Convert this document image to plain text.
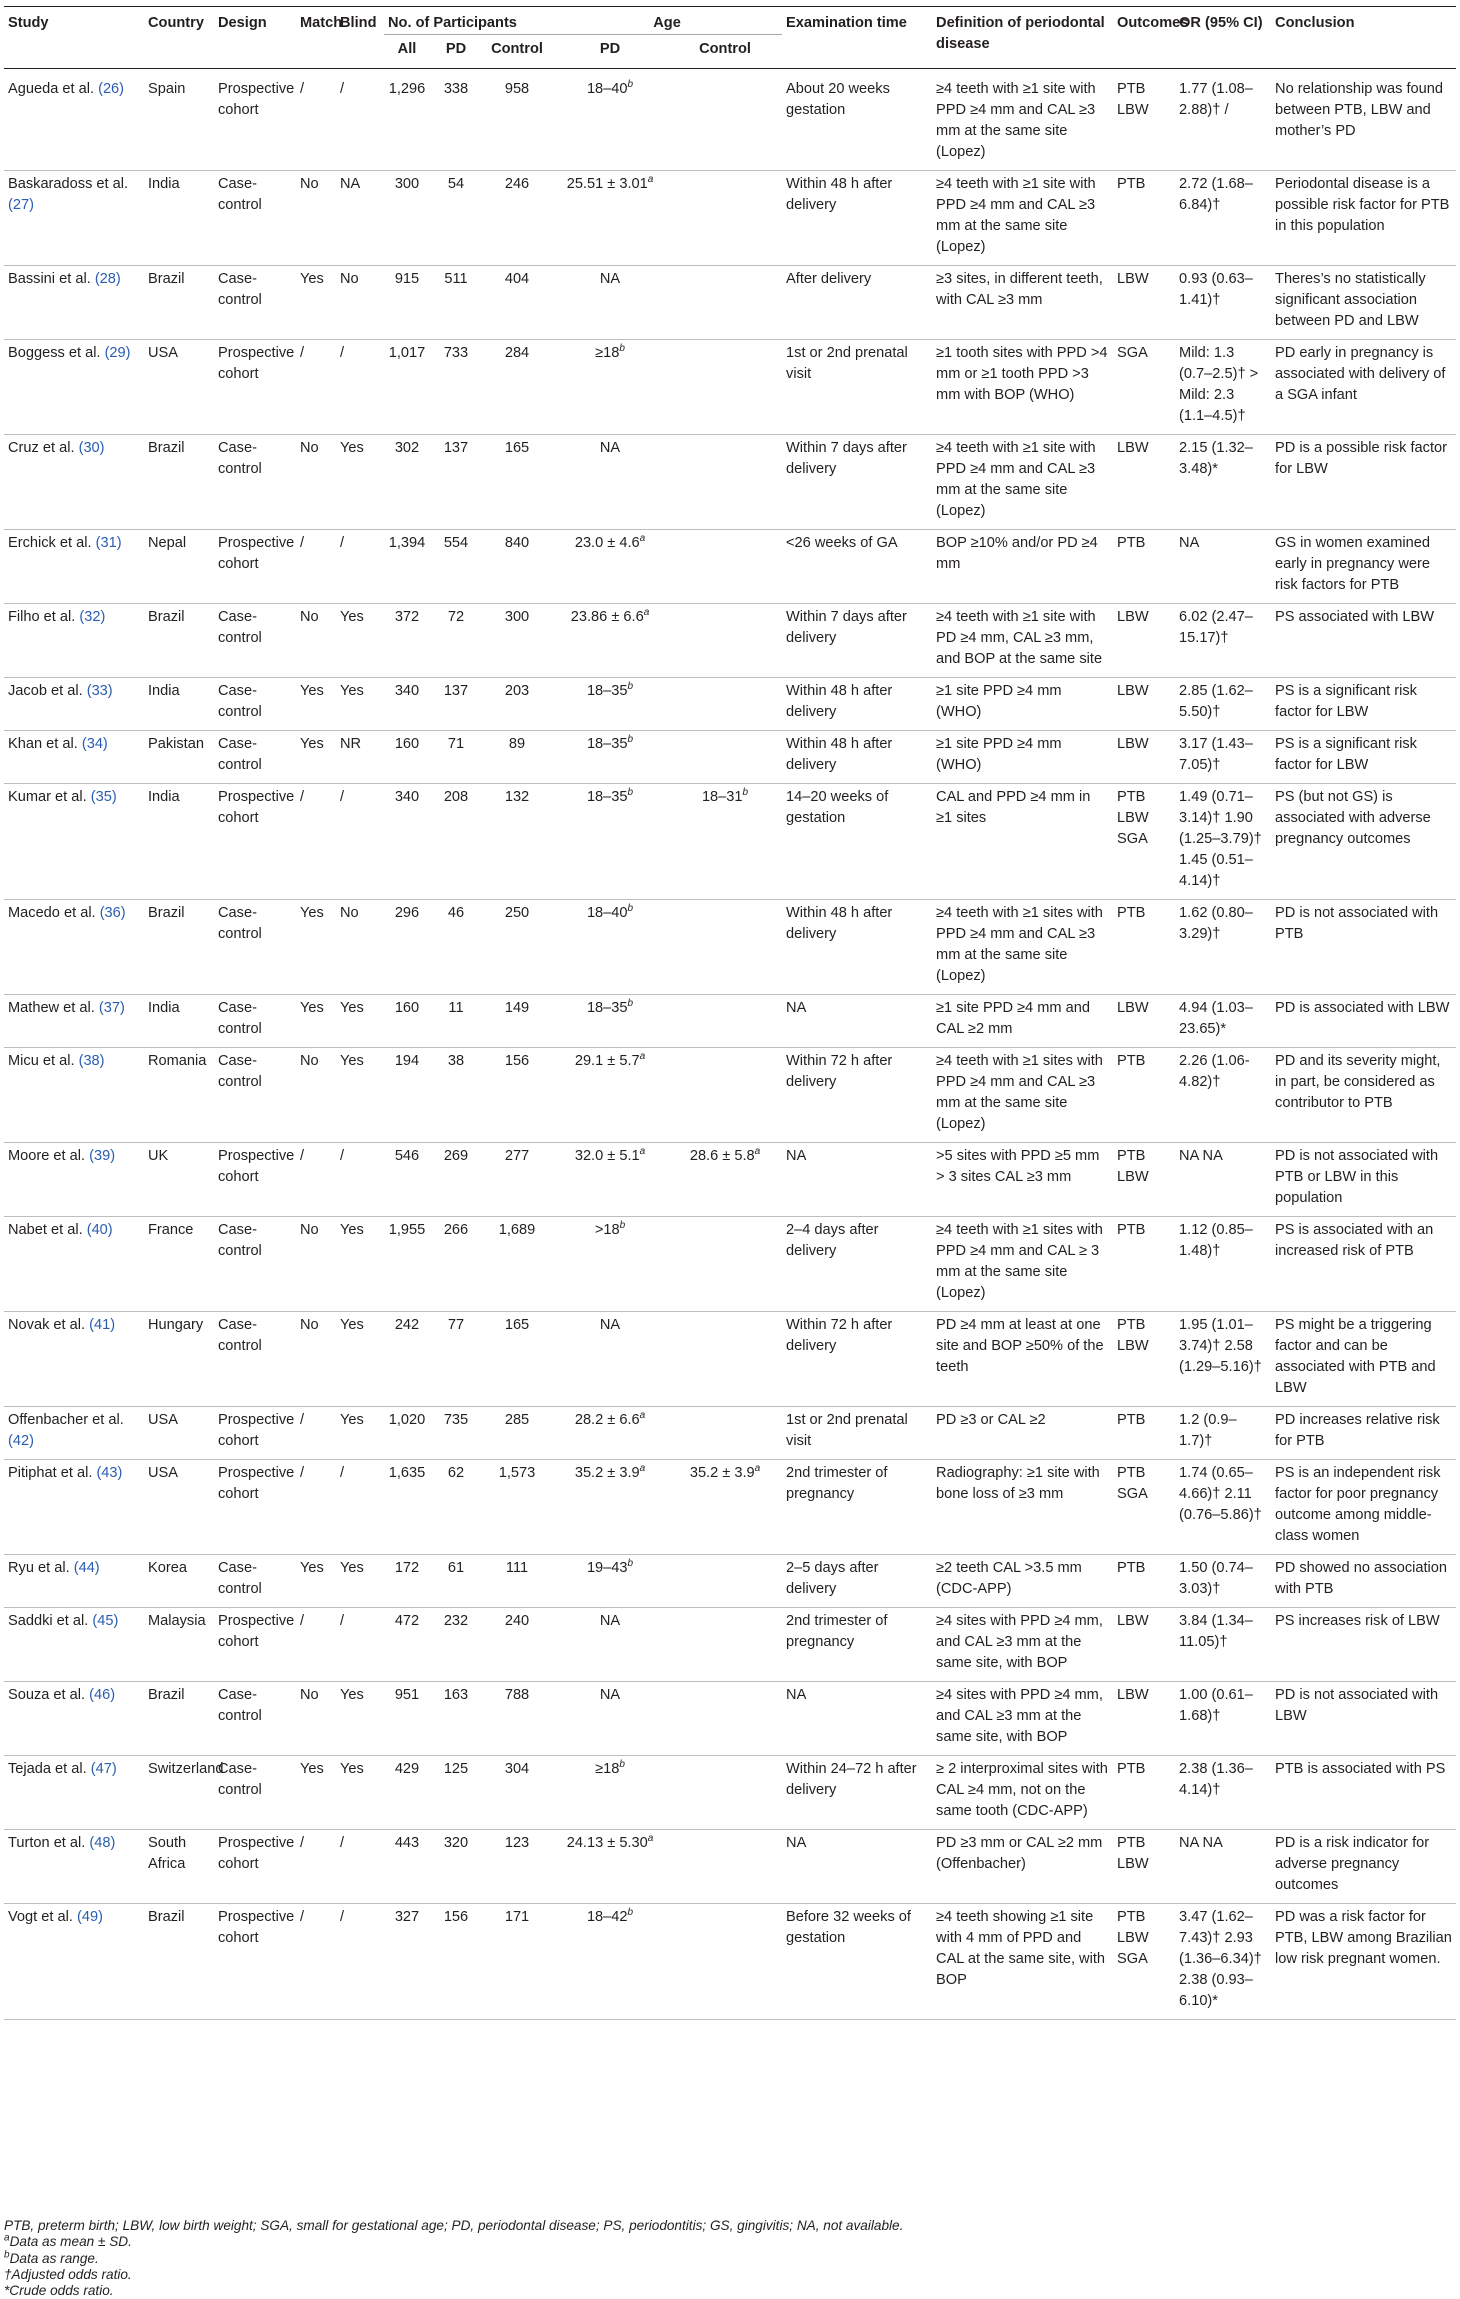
Study	Country	Design	Match	Blind	No. of Participants			Age		Examination time	Definition of periodontal disease	Outcomes	OR (95% CI)	Conclusion
					All	PD	Control	PD	Control					
Agueda et al. (26)	Spain	Prospective cohort	/	/	1,296	338	958	18–40$^b$		About 20 weeks gestation	≥4 teeth with ≥1 site with PPD ≥4 mm and CAL ≥3 mm at the same site (Lopez)	PTB LBW	1.77 (1.08–2.88)† /	No relationship was found between PTB, LBW and mother’s PD
Baskaradoss et al. (27)	India	Case-control	No	NA	300	54	246	25.51 ± 3.01$^a$		Within 48 h after delivery	≥4 teeth with ≥1 site with PPD ≥4 mm and CAL ≥3 mm at the same site (Lopez)	PTB	2.72 (1.68–6.84)†	Periodontal disease is a possible risk factor for PTB in this population
Bassini et al. (28)	Brazil	Case-control	Yes	No	915	511	404	NA		After delivery	≥3 sites, in different teeth, with CAL ≥3 mm	LBW	0.93 (0.63–1.41)†	Theres’s no statistically significant association between PD and LBW
Boggess et al. (29)	USA	Prospective cohort	/	/	1,017	733	284	$\ge 18^b$		1st or 2nd prenatal visit	≥1 tooth sites with PPD >4 mm or ≥1 tooth PPD >3 mm with BOP (WHO)	SGA	Mild: 1.3 (0.7–2.5)† > Mild: 2.3 (1.1–4.5)†	PD early in pregnancy is associated with delivery of a SGA infant
Cruz et al. (30)	Brazil	Case-control	No	Yes	302	137	165	NA		Within 7 days after delivery	≥4 teeth with ≥1 site with PPD ≥4 mm and CAL ≥3 mm at the same site (Lopez)	LBW	2.15 (1.32–3.48)*	PD is a possible risk factor for LBW
Erchick et al. (31)	Nepal	Prospective cohort	/	/	1,394	554	840	23.0 ± 4.6$^a$		<26 weeks of GA	BOP ≥10% and/or PD ≥4 mm	PTB	NA	GS in women examined early in pregnancy were risk factors for PTB
Filho et al. (32)	Brazil	Case-control	No	Yes	372	72	300	23.86 ± 6.6$^a$		Within 7 days after delivery	≥4 teeth with ≥1 site with PD ≥4 mm, CAL ≥3 mm, and BOP at the same site	LBW	6.02 (2.47–15.17)†	PS associated with LBW
Jacob et al. (33)	India	Case-control	Yes	Yes	340	137	203	18–35$^b$		Within 48 h after delivery	≥1 site PPD ≥4 mm (WHO)	LBW	2.85 (1.62–5.50)†	PS is a significant risk factor for LBW
Khan et al. (34)	Pakistan	Case-control	Yes	NR	160	71	89	18–35$^b$		Within 48 h after delivery	≥1 site PPD ≥4 mm (WHO)	LBW	3.17 (1.43–7.05)†	PS is a significant risk factor for LBW
Kumar et al. (35)	India	Prospective cohort	/	/	340	208	132	18–35$^b$	18–31$^b$	14–20 weeks of gestation	CAL and PPD ≥4 mm in ≥1 sites	PTB LBW SGA	1.49 (0.71–3.14)† 1.90 (1.25–3.79)† 1.45 (0.51–4.14)†	PS (but not GS) is associated with adverse pregnancy outcomes
Macedo et al. (36)	Brazil	Case-control	Yes	No	296	46	250	18–40$^b$		Within 48 h after delivery	≥4 teeth with ≥1 sites with PPD ≥4 mm and CAL ≥3 mm at the same site (Lopez)	PTB	1.62 (0.80–3.29)†	PD is not associated with PTB
Mathew et al. (37)	India	Case-control	Yes	Yes	160	11	149	18–35$^b$		NA	≥1 site PPD ≥4 mm and CAL ≥2 mm	LBW	4.94 (1.03–23.65)*	PD is associated with LBW
Micu et al. (38)	Romania	Case-control	No	Yes	194	38	156	29.1 ± 5.7$^a$		Within 72 h after delivery	≥4 teeth with ≥1 sites with PPD ≥4 mm and CAL ≥3 mm at the same site (Lopez)	PTB	2.26 (1.06- 4.82)†	PD and its severity might, in part, be considered as contributor to PTB
Moore et al. (39)	UK	Prospective cohort	/	/	546	269	277	32.0 ± 5.1$^a$	28.6 ± 5.8$^a$	NA	>5 sites with PPD ≥5 mm > 3 sites CAL ≥3 mm	PTB LBW	NA NA	PD is not associated with PTB or LBW in this population
Nabet et al. (40)	France	Case-control	No	Yes	1,955	266	1,689	$>18^b$		2–4 days after delivery	≥4 teeth with ≥1 sites with PPD ≥4 mm and CAL ≥ 3 mm at the same site (Lopez)	PTB	1.12 (0.85–1.48)†	PS is associated with an increased risk of PTB
Novak et al. (41)	Hungary	Case-control	No	Yes	242	77	165	NA		Within 72 h after delivery	PD ≥4 mm at least at one site and BOP ≥50% of the teeth	PTB LBW	1.95 (1.01–3.74)† 2.58 (1.29–5.16)†	PS might be a triggering factor and can be associated with PTB and LBW
Offenbacher et al. (42)	USA	Prospective cohort	/	Yes	1,020	735	285	28.2 ± 6.6$^a$		1st or 2nd prenatal visit	PD ≥3 or CAL ≥2	PTB	1.2 (0.9–1.7)†	PD increases relative risk for PTB
Pitiphat et al. (43)	USA	Prospective cohort	/	/	1,635	62	1,573	35.2 ± 3.9$^a$	35.2 ± 3.9$^a$	2nd trimester of pregnancy	Radiography: ≥1 site with bone loss of ≥3 mm	PTB SGA	1.74 (0.65–4.66)† 2.11 (0.76–5.86)†	PS is an independent risk factor for poor pregnancy outcome among middle-class women
Ryu et al. (44)	Korea	Case-control	Yes	Yes	172	61	111	19–43$^b$		2–5 days after delivery	≥2 teeth CAL >3.5 mm (CDC-APP)	PTB	1.50 (0.74–3.03)†	PD showed no association with PTB
Saddki et al. (45)	Malaysia	Prospective cohort	/	/	472	232	240	NA		2nd trimester of pregnancy	≥4 sites with PPD ≥4 mm, and CAL ≥3 mm at the same site, with BOP	LBW	3.84 (1.34–11.05)†	PS increases risk of LBW
Souza et al. (46)	Brazil	Case-control	No	Yes	951	163	788	NA		NA	≥4 sites with PPD ≥4 mm, and CAL ≥3 mm at the same site, with BOP	LBW	1.00 (0.61–1.68)†	PD is not associated with LBW
Tejada et al. (47)	Switzerland	Case-control	Yes	Yes	429	125	304	$\ge 18^b$		Within 24–72 h after delivery	≥ 2 interproximal sites with CAL ≥4 mm, not on the same tooth (CDC-APP)	PTB	2.38 (1.36–4.14)†	PTB is associated with PS
Turton et al. (48)	South Africa	Prospective cohort	/	/	443	320	123	24.13 ± 5.30$^a$		NA	PD ≥3 mm or CAL ≥2 mm (Offenbacher)	PTB LBW	NA NA	PD is a risk indicator for adverse pregnancy outcomes
Vogt et al. (49)	Brazil	Prospective cohort	/	/	327	156	171	18–42$^b$		Before 32 weeks of gestation	≥4 teeth showing ≥1 site with 4 mm of PPD and CAL at the same site, with BOP	PTB LBW SGA	3.47 (1.62–7.43)† 2.93 (1.36–6.34)† 2.38 (0.93–6.10)*	PD was a risk factor for PTB, LBW among Brazilian low risk pregnant women.
PTB, preterm birth; LBW, low birth weight; SGA, small for gestational age; PD, periodontal disease; PS, periodontitis; GS, gingivitis; NA, not available.
$^a$Data as mean ± SD.
$^b$Data as range.
†Adjusted odds ratio.
*Crude odds ratio.
